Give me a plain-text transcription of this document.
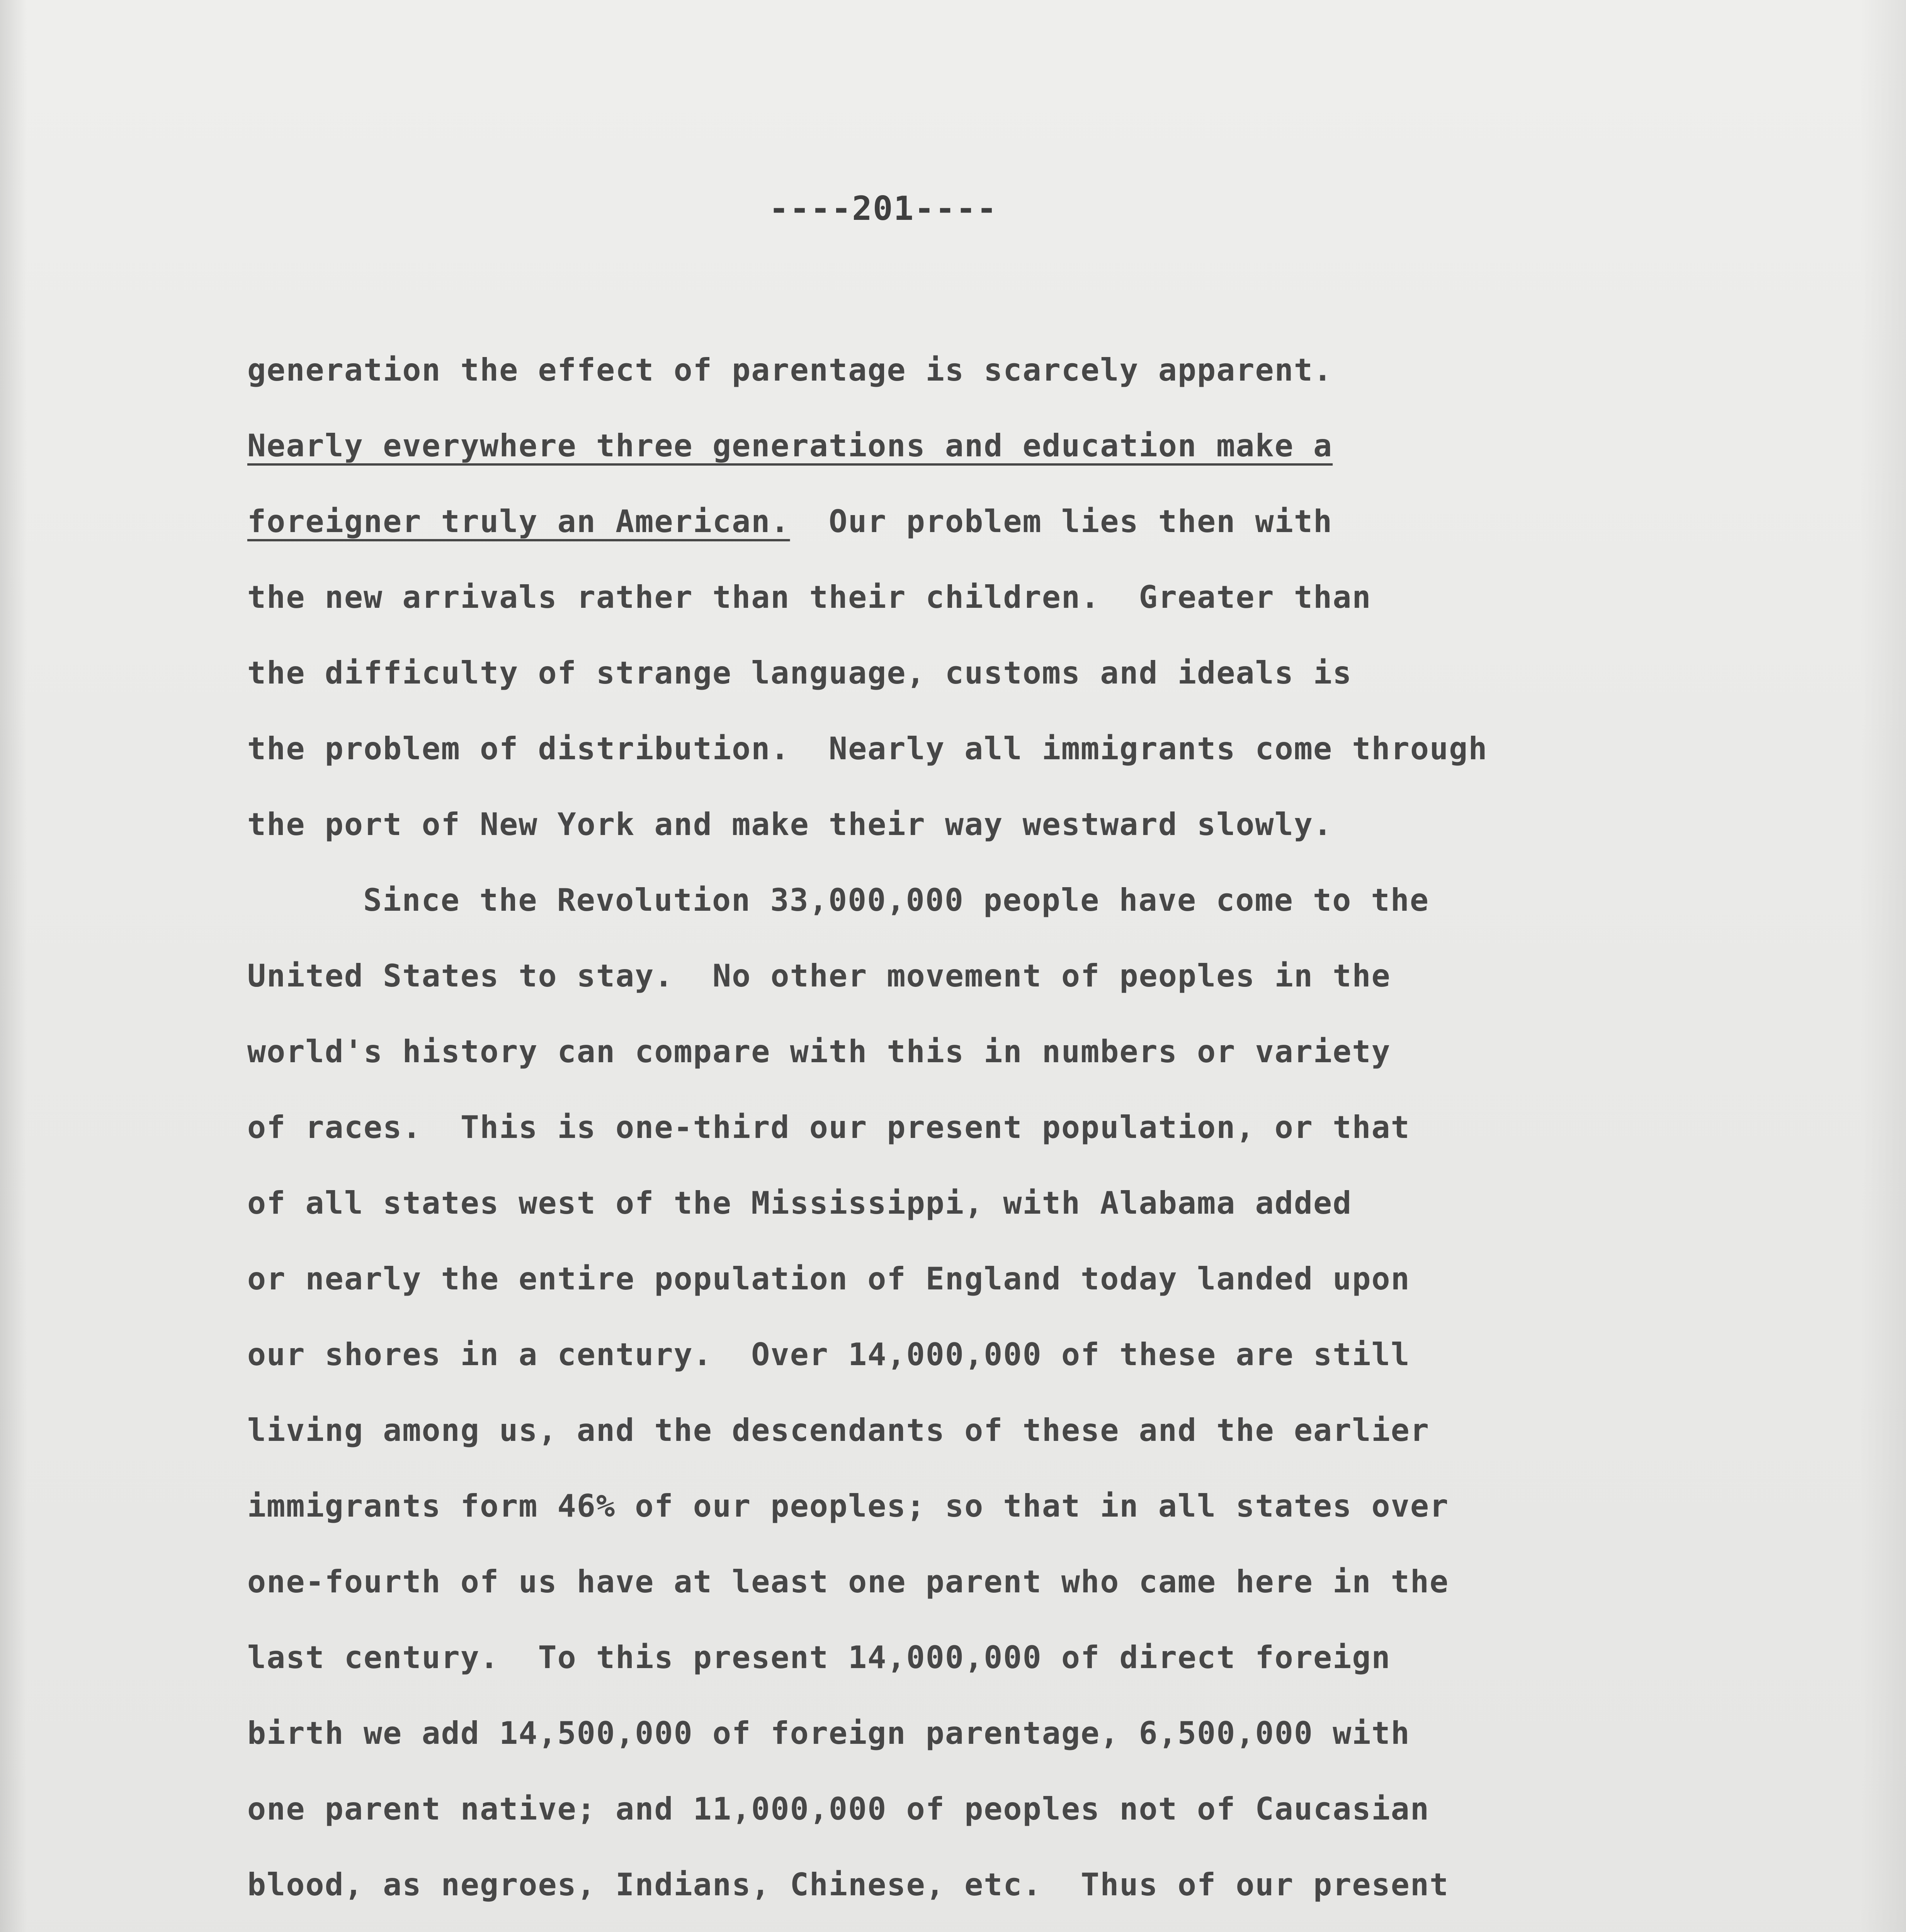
----201----
generation the effect of parentage is scarcely apparent.
Nearly everywhere three generations and education make a
foreigner truly an American.  Our problem lies then with
the new arrivals rather than their children.  Greater than
the difficulty of strange language, customs and ideals is
the problem of distribution.  Nearly all immigrants come through
the port of New York and make their way westward slowly.
Since the Revolution 33,000,000 people have come to the
United States to stay.  No other movement of peoples in the
world's history can compare with this in numbers or variety
of races.  This is one-third our present population, or that
of all states west of the Mississippi, with Alabama added
or nearly the entire population of England today landed upon
our shores in a century.  Over 14,000,000 of these are still
living among us, and the descendants of these and the earlier
immigrants form 46% of our peoples; so that in all states over
one-fourth of us have at least one parent who came here in the
last century.  To this present 14,000,000 of direct foreign
birth we add 14,500,000 of foreign parentage, 6,500,000 with
one parent native; and 11,000,000 of peoples not of Caucasian
blood, as negroes, Indians, Chinese, etc.  Thus of our present
